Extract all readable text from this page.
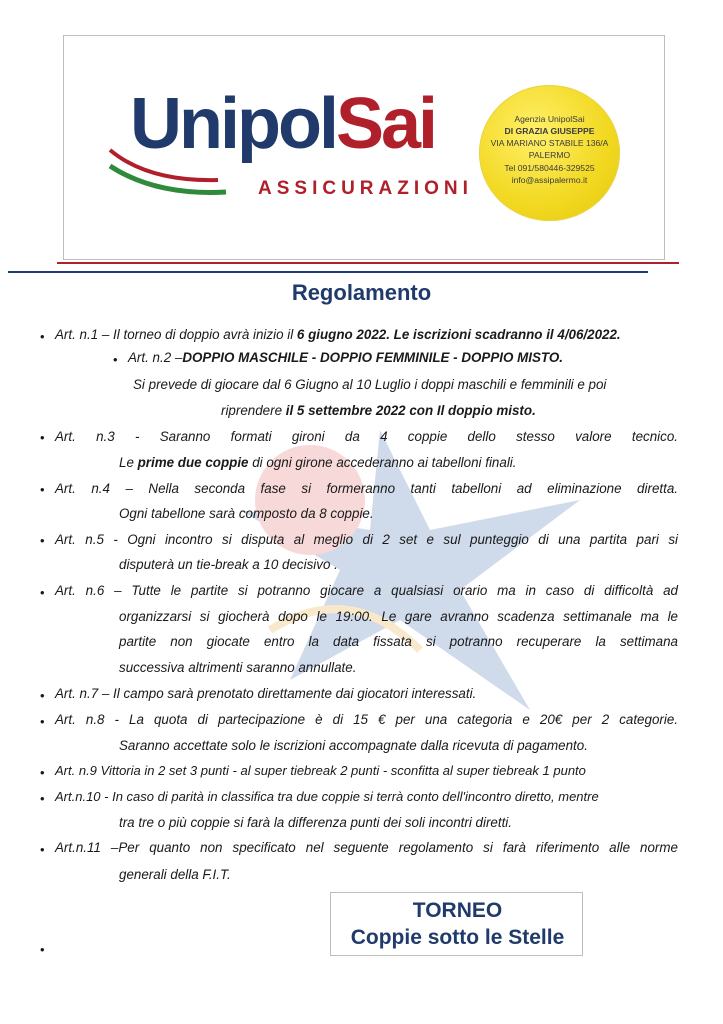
UnipolSai
ASSICURAZIONI
Agenzia UnipolSai
DI GRAZIA GIUSEPPE
VIA MARIANO STABILE 136/A
PALERMO
Tel 091/580446-329525
info@assipalermo.it
Regolamento
• Art. n.1 – Il torneo di doppio avrà inizio il 6 giugno 2022. Le iscrizioni scadranno il 4/06/2022.
• Art. n.2 –DOPPIO MASCHILE - DOPPIO FEMMINILE - DOPPIO MISTO.
Si prevede di giocare dal 6 Giugno al 10 Luglio i doppi maschili e femminili e poi
riprendere il 5 settembre 2022 con Il doppio misto.
• Art. n.3 - Saranno formati gironi da 4 coppie dello stesso valore tecnico.
Le prime due coppie di ogni girone accederanno ai tabelloni finali.
• Art. n.4 – Nella seconda fase si formeranno tanti tabelloni ad eliminazione diretta.
Ogni tabellone sarà composto da 8 coppie.
• Art. n.5 - Ogni incontro si disputa al meglio di 2 set e sul punteggio di una partita pari si
disputerà un tie-break a 10 decisivo .
• Art. n.6 – Tutte le partite si potranno giocare a qualsiasi orario ma in caso di difficoltà ad
organizzarsi si giocherà dopo le 19:00. Le gare avranno scadenza settimanale ma le
partite non giocate entro la data fissata si potranno recuperare la settimana
successiva altrimenti saranno annullate.
• Art. n.7 – Il campo sarà prenotato direttamente dai giocatori interessati.
• Art. n.8 - La quota di partecipazione è di 15 € per una categoria e 20€ per 2 categorie.
Saranno accettate solo le iscrizioni accompagnate dalla ricevuta di pagamento.
• Art. n.9 Vittoria in 2 set 3 punti - al super tiebreak 2 punti - sconfitta al super tiebreak 1 punto
• Art.n.10 - In caso di parità in classifica tra due coppie si terrà conto dell'incontro diretto, mentre
tra tre o più coppie si farà la differenza punti dei soli incontri diretti.
• Art.n.11 –Per quanto non specificato nel seguente regolamento si farà riferimento alle norme
generali della F.I.T.
TORNEO
Coppie sotto le Stelle
•
